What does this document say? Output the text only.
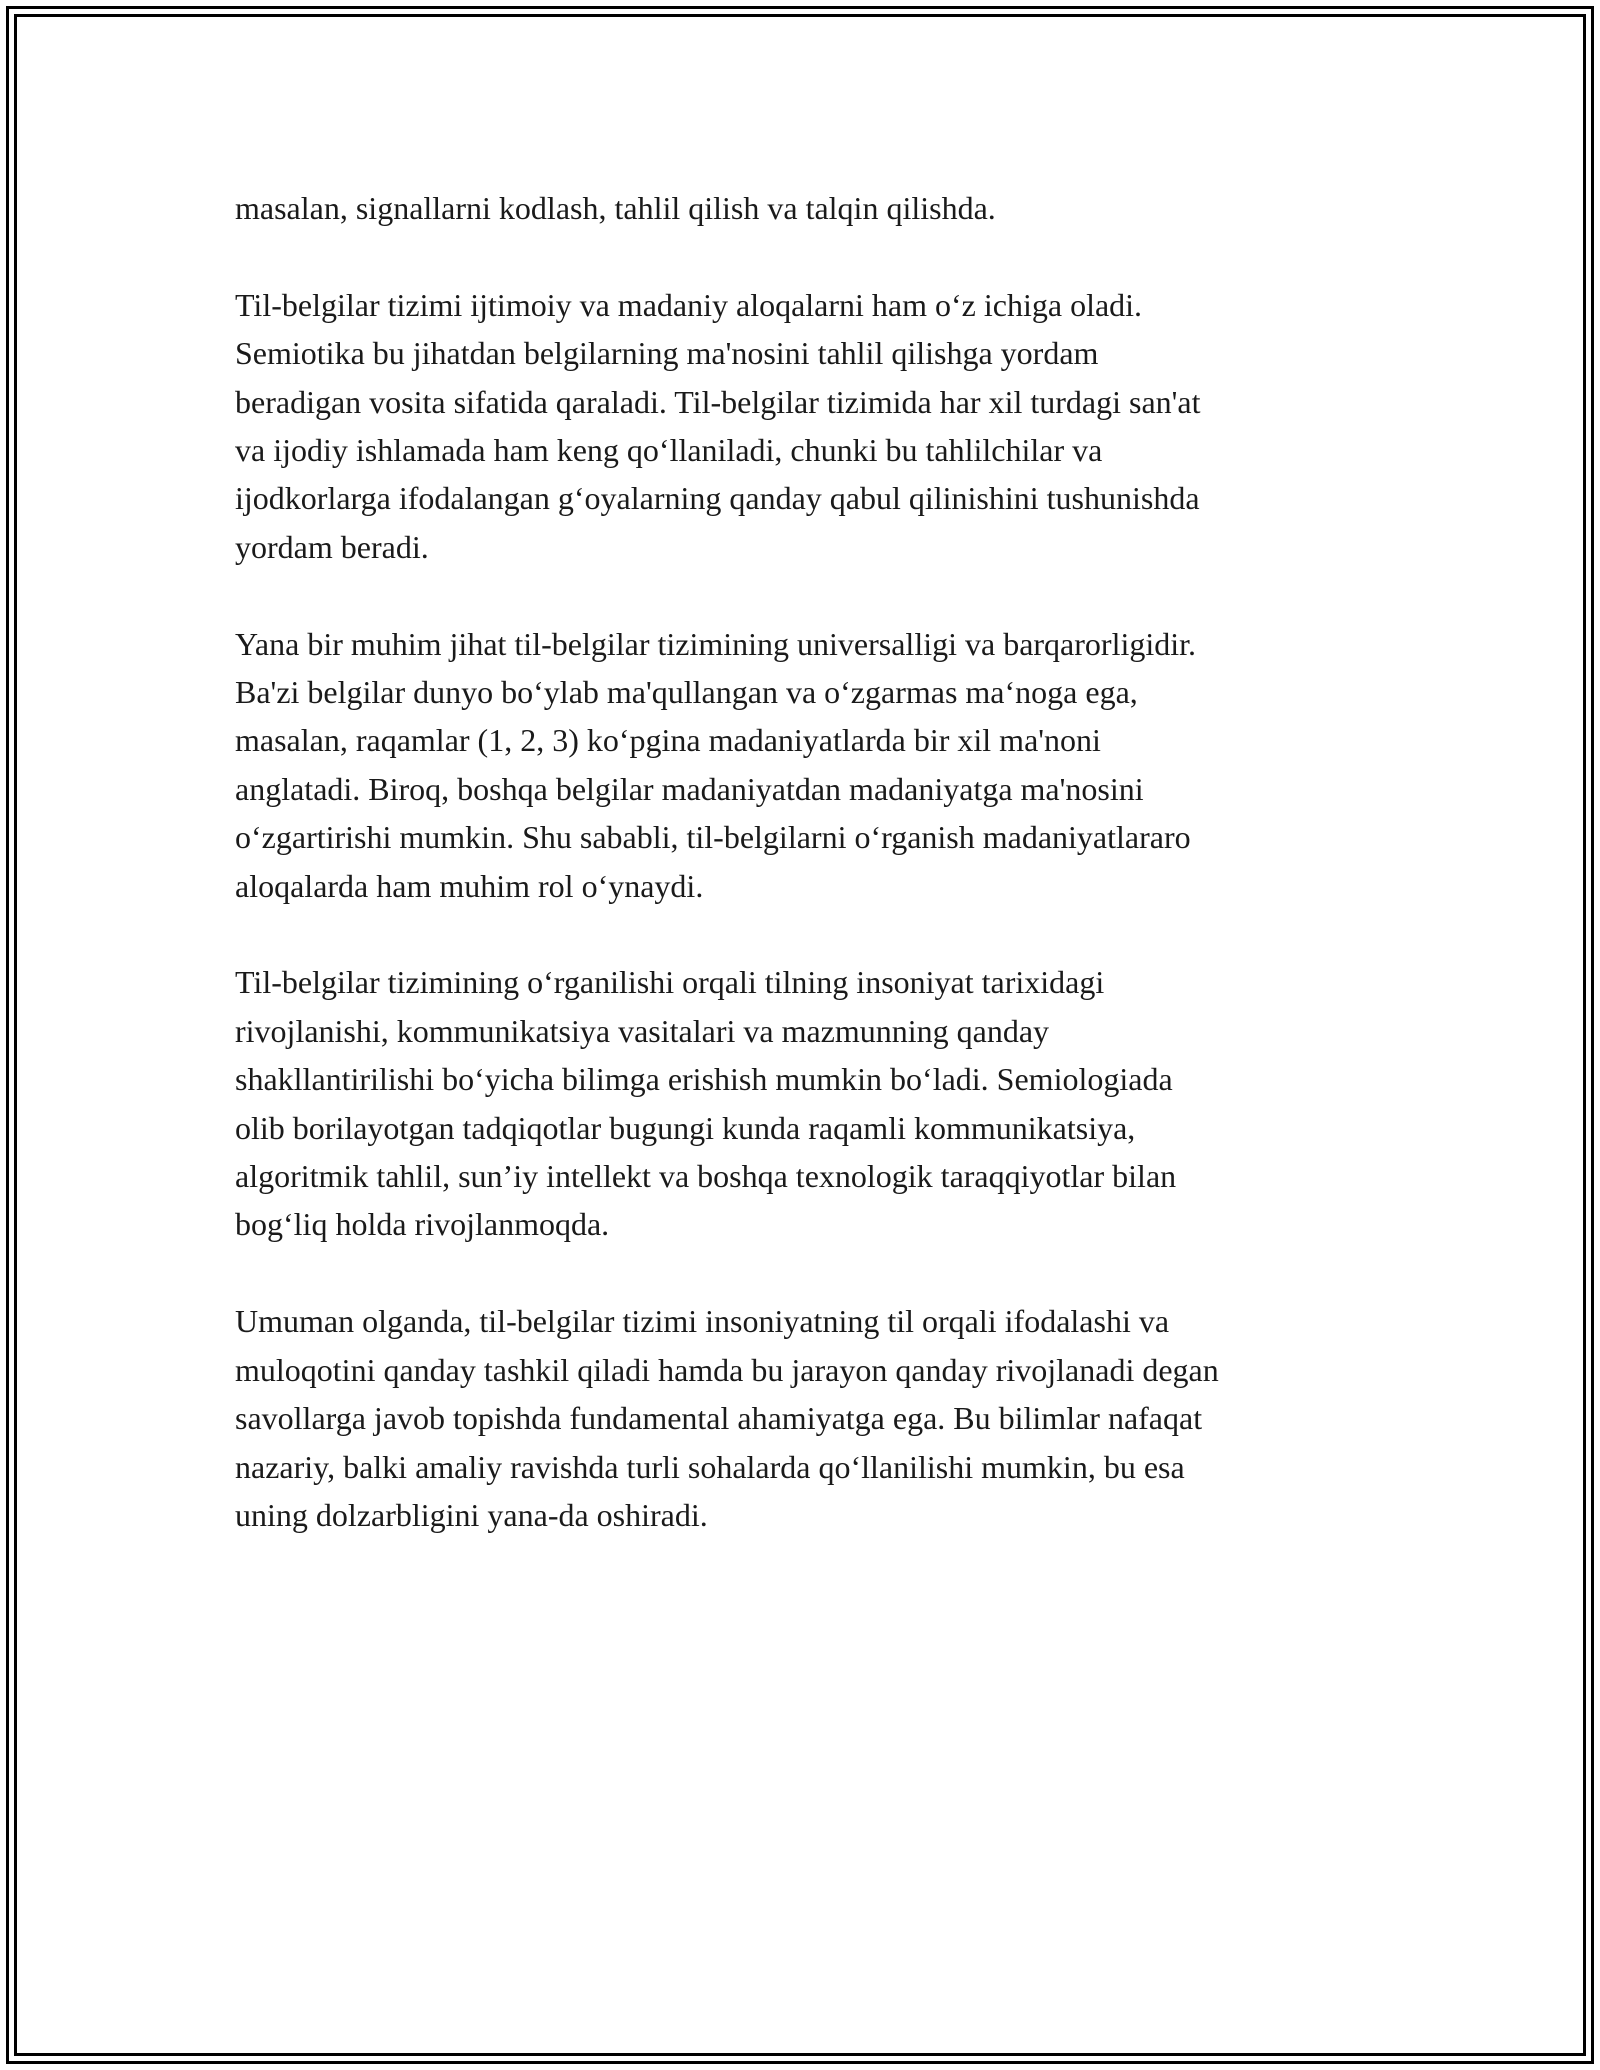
masalan, signallarni kodlash, tahlil qilish va talqin qilishda.

Til-belgilar tizimi ijtimoiy va madaniy aloqalarni ham o‘z ichiga oladi.
Semiotika bu jihatdan belgilarning ma'nosini tahlil qilishga yordam
beradigan vosita sifatida qaraladi. Til-belgilar tizimida har xil turdagi san'at
va ijodiy ishlamada ham keng qo‘llaniladi, chunki bu tahlilchilar va
ijodkorlarga ifodalangan g‘oyalarning qanday qabul qilinishini tushunishda
yordam beradi.

Yana bir muhim jihat til-belgilar tizimining universalligi va barqarorligidir.
Ba'zi belgilar dunyo bo‘ylab ma'qullangan va o‘zgarmas ma‘noga ega,
masalan, raqamlar (1, 2, 3) ko‘pgina madaniyatlarda bir xil ma'noni
anglatadi. Biroq, boshqa belgilar madaniyatdan madaniyatga ma'nosini
o‘zgartirishi mumkin. Shu sababli, til-belgilarni o‘rganish madaniyatlararo
aloqalarda ham muhim rol o‘ynaydi.

Til-belgilar tizimining o‘rganilishi orqali tilning insoniyat tarixidagi
rivojlanishi, kommunikatsiya vasitalari va mazmunning qanday
shakllantirilishi bo‘yicha bilimga erishish mumkin bo‘ladi. Semiologiada
olib borilayotgan tadqiqotlar bugungi kunda raqamli kommunikatsiya,
algoritmik tahlil, sun’iy intellekt va boshqa texnologik taraqqiyotlar bilan
bog‘liq holda rivojlanmoqda.

Umuman olganda, til-belgilar tizimi insoniyatning til orqali ifodalashi va
muloqotini qanday tashkil qiladi hamda bu jarayon qanday rivojlanadi degan
savollarga javob topishda fundamental ahamiyatga ega. Bu bilimlar nafaqat
nazariy, balki amaliy ravishda turli sohalarda qo‘llanilishi mumkin, bu esa
uning dolzarbligini yana-da oshiradi.
